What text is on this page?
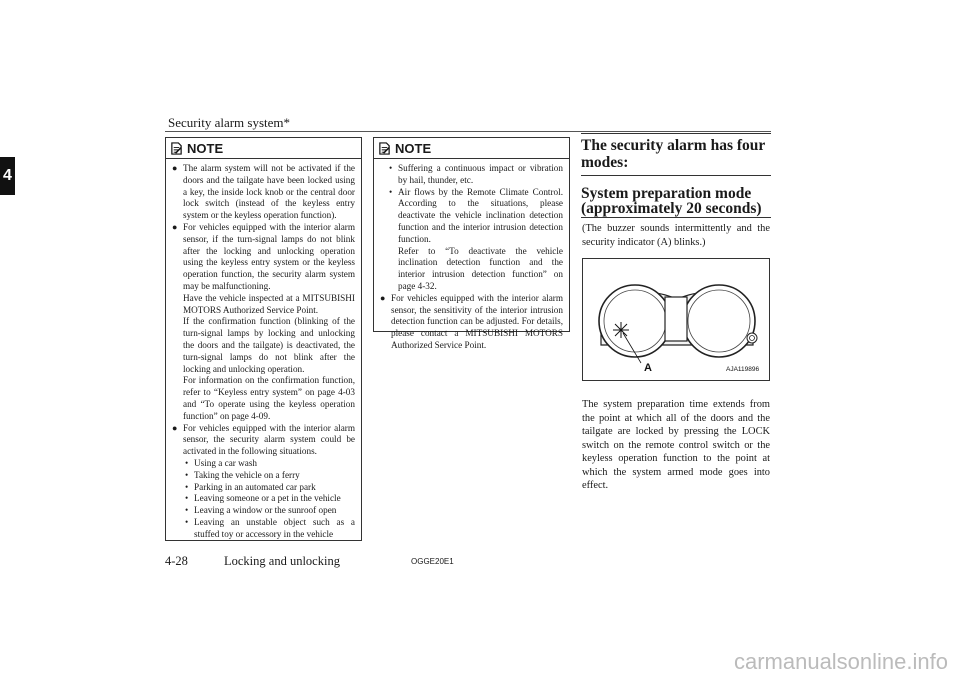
Security alarm system*
4
NOTE
● The alarm system will not be activated if the doors and the tailgate have been locked using a key, the inside lock knob or the central door lock switch (instead of the keyless entry system or the keyless operation function).
● For vehicles equipped with the interior alarm sensor, if the turn-signal lamps do not blink after the locking and unlocking operation using the keyless entry system or the keyless operation function, the security alarm system may be malfunctioning.
Have the vehicle inspected at a MITSUBISHI MOTORS Authorized Service Point.
If the confirmation function (blinking of the turn-signal lamps by locking and unlocking the doors and the tailgate) is deactivated, the turn-signal lamps do not blink after the locking and unlocking operation.
For information on the confirmation function, refer to “Keyless entry system” on page 4-03 and “To operate using the keyless operation function” on page 4-09.
● For vehicles equipped with the interior alarm sensor, the security alarm system could be activated in the following situations.
• Using a car wash
• Taking the vehicle on a ferry
• Parking in an automated car park
• Leaving someone or a pet in the vehicle
• Leaving a window or the sunroof open
• Leaving an unstable object such as a stuffed toy or accessory in the vehicle
NOTE
• Suffering a continuous impact or vibration by hail, thunder, etc.
• Air flows by the Remote Climate Control. According to the situations, please deactivate the vehicle inclination detection function and the interior intrusion detection function.
Refer to “To deactivate the vehicle inclination detection function and the interior intrusion detection function” on page 4-32.
● For vehicles equipped with the interior alarm sensor, the sensitivity of the interior intrusion detection function can be adjusted. For details, please contact a MITSUBISHI MOTORS Authorized Service Point.
The security alarm has four modes:
System preparation mode (approximately 20 seconds)
(The buzzer sounds intermittently and the security indicator (A) blinks.)
A	AJA119896
The system preparation time extends from the point at which all of the doors and the tailgate are locked by pressing the LOCK switch on the remote control switch or the keyless operation function to the point at which the system armed mode goes into effect.
4-28	Locking and unlocking	OGGE20E1
carmanualsonline.info
